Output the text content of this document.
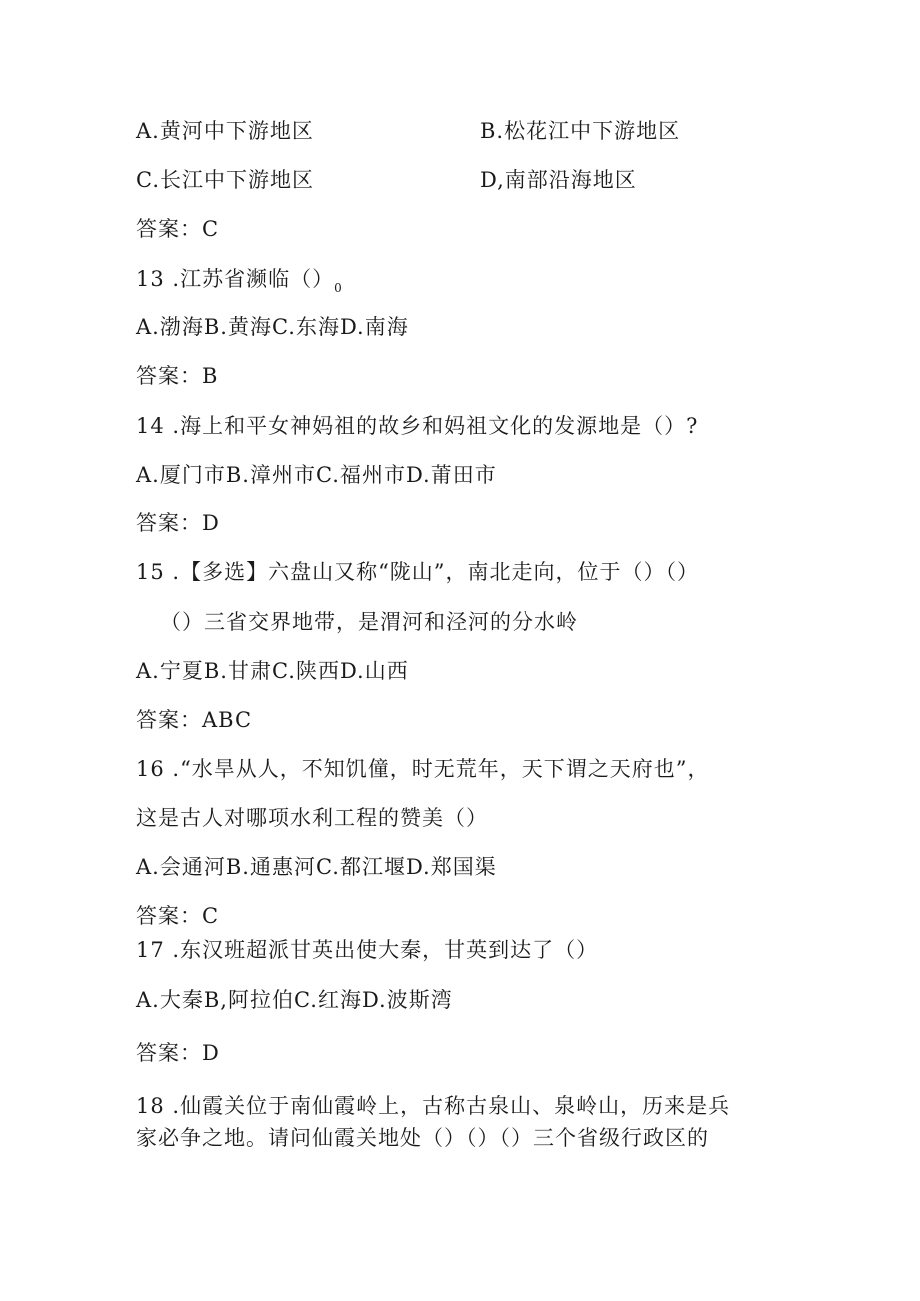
A.黄河中下游地区	B.松花江中下游地区
C.长江中下游地区	D,南部沿海地区
答案：C
13 .江苏省濒临$()_0$
A.渤海B.黄海C.东海D.南海
答案：B
14 .海上和平女神妈祖的故乡和妈祖文化的发源地是（）?
A.厦门市B.漳州市C.福州市D.莆田市
答案：D
15 .【多选】六盘山又称“陇山”，南北走向，位于（）（）
（）三省交界地带，是渭河和泾河的分水岭
A.宁夏B.甘肃C.陕西D.山西
答案：ABC
16 .“水旱从人，不知饥僮，时无荒年，天下谓之天府也”，
这是古人对哪项水利工程的赞美（）
A.会通河B.通惠河C.都江堰D.郑国渠
答案：C
17 .东汉班超派甘英出使大秦，甘英到达了（）
A.大秦B,阿拉伯C.红海D.波斯湾
答案：D
18 .仙霞关位于南仙霞岭上，古称古泉山、泉岭山，历来是兵
家必争之地。请问仙霞关地处（）（）（）三个省级行政区的
